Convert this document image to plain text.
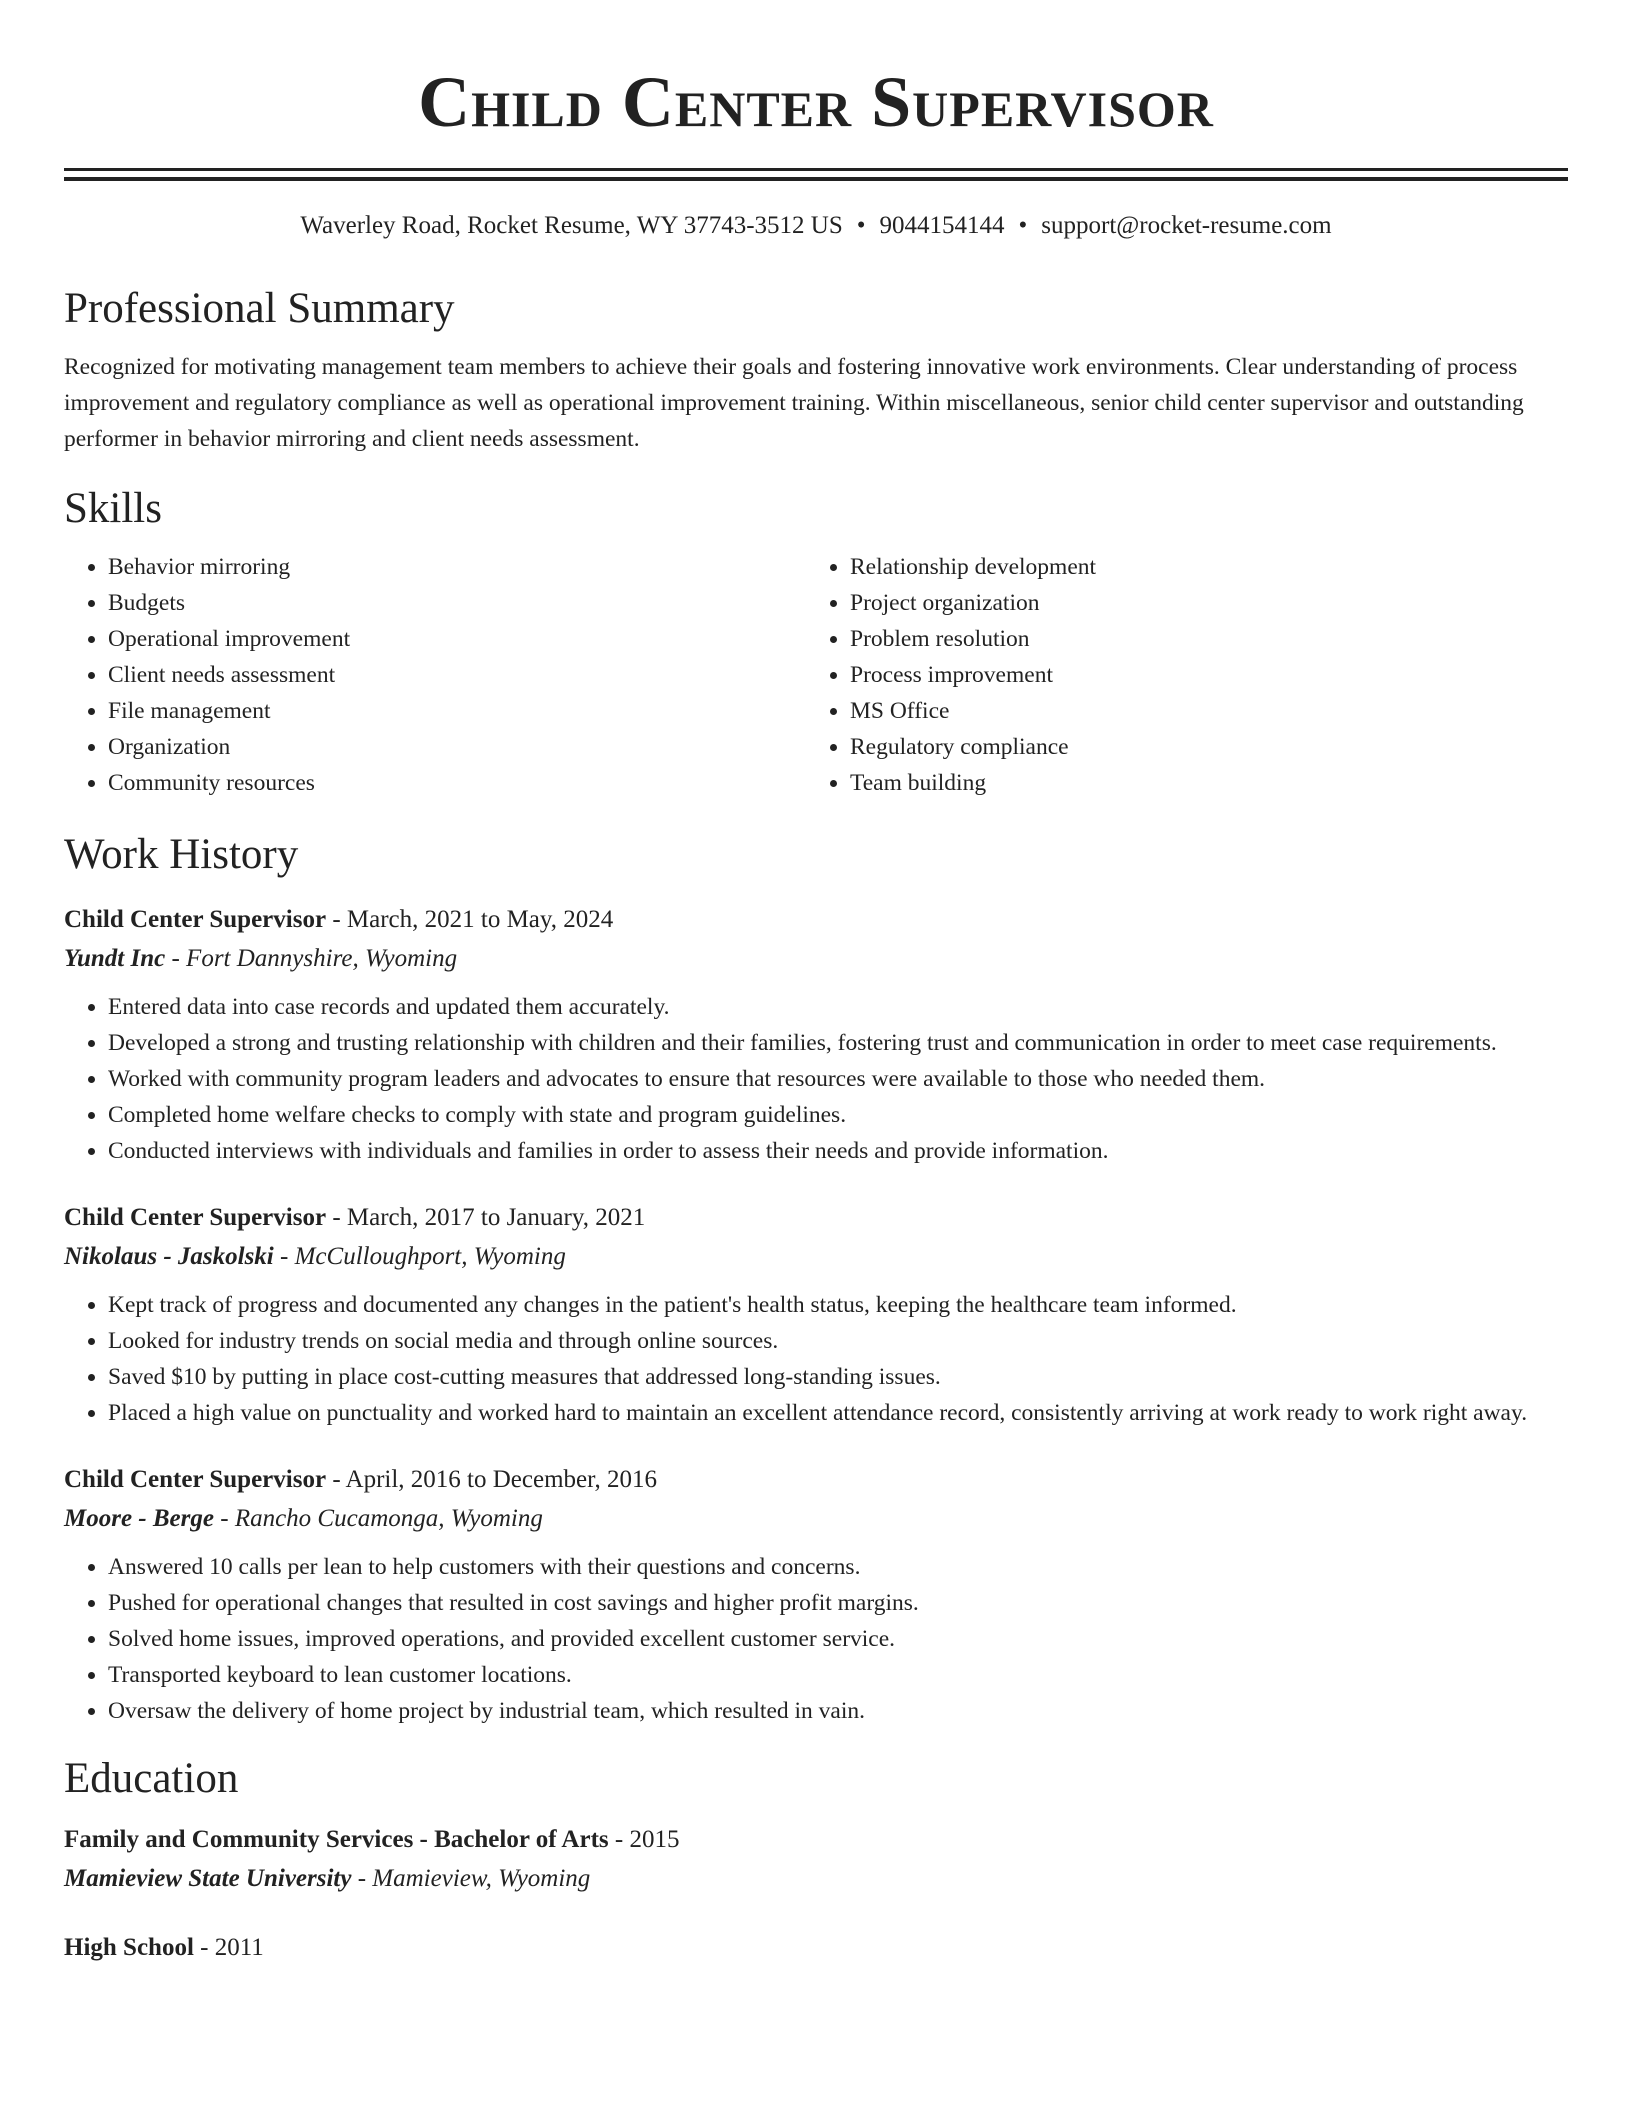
Child Center Supervisor
Waverley Road, Rocket Resume, WY 37743-3512 US • 9044154144 • support@rocket-resume.com
Professional Summary

Recognized for motivating management team members to achieve their goals and fostering innovative work environments. Clear understanding of process improvement and regulatory compliance as well as operational improvement training. Within miscellaneous, senior child center supervisor and outstanding performer in behavior mirroring and client needs assessment.

Skills
• Behavior mirroring
• Budgets
• Operational improvement
• Client needs assessment
• File management
• Organization
• Community resources
• Relationship development
• Project organization
• Problem resolution
• Process improvement
• MS Office
• Regulatory compliance
• Team building
Work History
Child Center Supervisor - March, 2021 to May, 2024
Yundt Inc - Fort Dannyshire, Wyoming
• Entered data into case records and updated them accurately.
• Developed a strong and trusting relationship with children and their families, fostering trust and communication in order to meet case requirements.
• Worked with community program leaders and advocates to ensure that resources were available to those who needed them.
• Completed home welfare checks to comply with state and program guidelines.
• Conducted interviews with individuals and families in order to assess their needs and provide information.
Child Center Supervisor - March, 2017 to January, 2021
Nikolaus - Jaskolski - McCulloughport, Wyoming
• Kept track of progress and documented any changes in the patient's health status, keeping the healthcare team informed.
• Looked for industry trends on social media and through online sources.
• Saved $10 by putting in place cost-cutting measures that addressed long-standing issues.
• Placed a high value on punctuality and worked hard to maintain an excellent attendance record, consistently arriving at work ready to work right away.
Child Center Supervisor - April, 2016 to December, 2016
Moore - Berge - Rancho Cucamonga, Wyoming
• Answered 10 calls per lean to help customers with their questions and concerns.
• Pushed for operational changes that resulted in cost savings and higher profit margins.
• Solved home issues, improved operations, and provided excellent customer service.
• Transported keyboard to lean customer locations.
• Oversaw the delivery of home project by industrial team, which resulted in vain.
Education
Family and Community Services - Bachelor of Arts - 2015
Mamieview State University - Mamieview, Wyoming
High School - 2011
